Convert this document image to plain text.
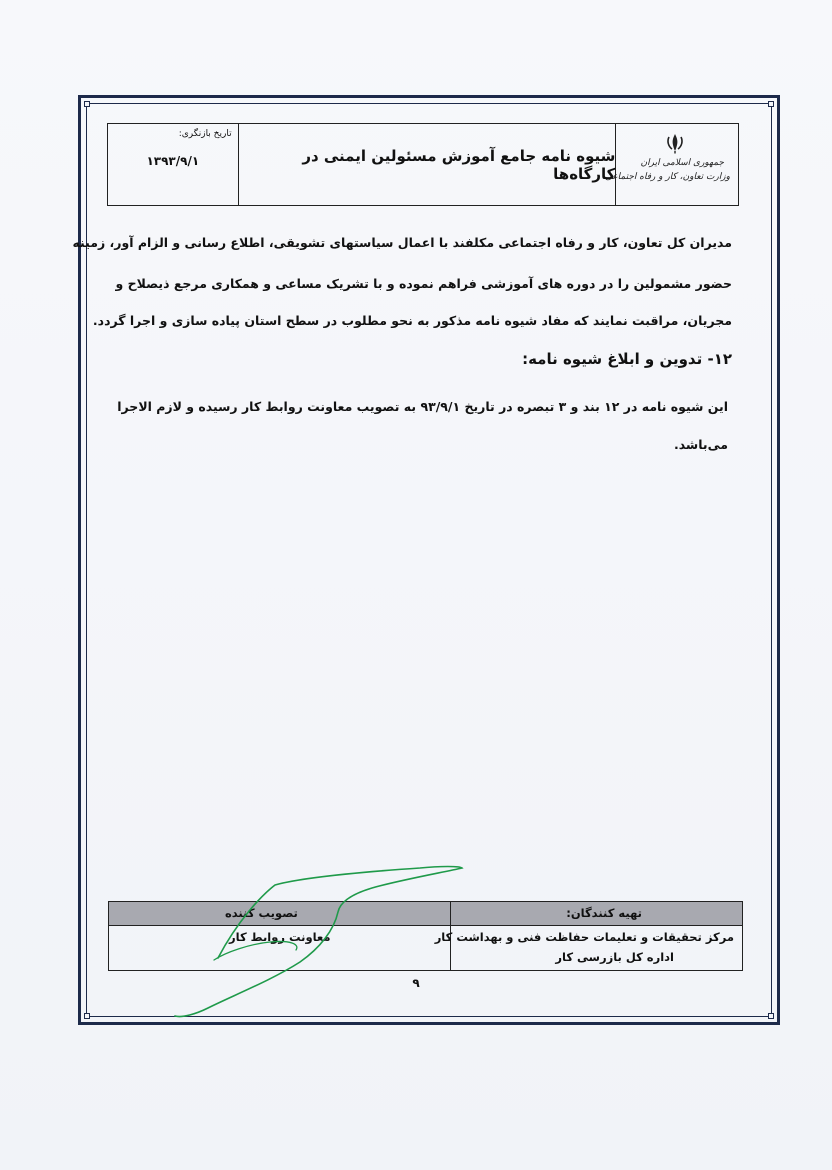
جمهوری اسلامی ایران
وزارت تعاون، کار و رفاه اجتماعی
شیوه نامه جامع آموزش مسئولین ایمنی در کارگاه‌ها
تاریخ بازنگری:
۱۳۹۳/۹/۱
مدیران کل تعاون، کار و رفاه اجتماعی مکلفند با اعمال سیاستهای تشویقی، اطلاع رسانی و الزام آور، زمینه
حضور مشمولین را در دوره های آموزشی فراهم نموده و با تشریک مساعی و همکاری مرجع ذیصلاح و
مجریان، مراقبت نمایند که مفاد شیوه نامه مذکور به نحو مطلوب در سطح استان پیاده سازی و اجرا گردد.
۱۲- تدوین و ابلاغ شیوه نامه:
این شیوه نامه در ۱۲ بند و ۳ تبصره در تاریخ ۹۳/۹/۱ به تصویب معاونت روابط کار رسیده و لازم الاجرا
می‌باشد.
تهیه کنندگان:
تصویب کننده
مرکز تحقیقات و تعلیمات حفاظت فنی و بهداشت کار
اداره کل بازرسی کار
معاونت روابط کار
۹
